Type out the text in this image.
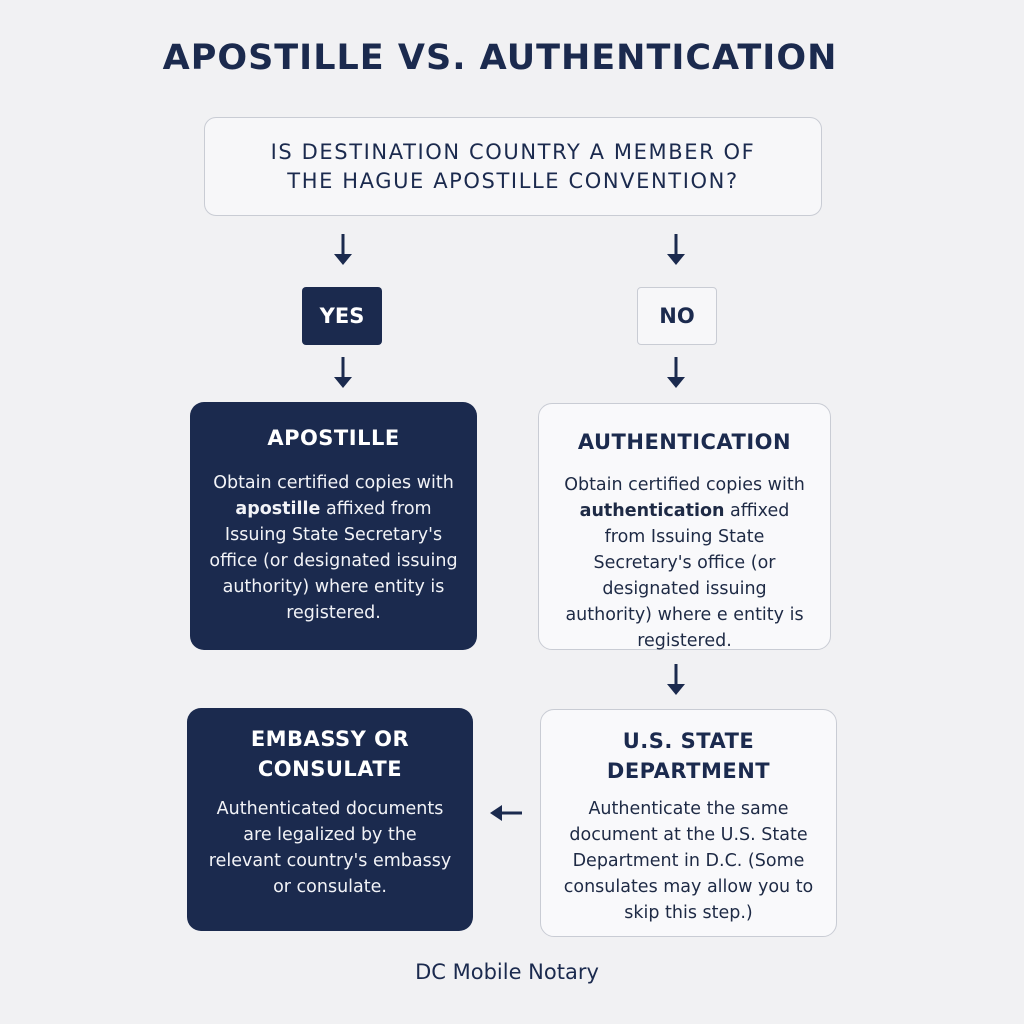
APOSTILLE VS. AUTHENTICATION
IS DESTINATION COUNTRY A MEMBER OF
THE HAGUE APOSTILLE CONVENTION?
YES	NO
APOSTILLE
Obtain certified copies with apostille affixed from Issuing State Secretary's office (or designated issuing authority) where entity is registered.
AUTHENTICATION
Obtain certified copies with authentication affixed from Issuing State Secretary's office (or designated issuing authority) where e entity is registered.
EMBASSY OR
CONSULATE
Authenticated documents are legalized by the relevant country's embassy or consulate.
U.S. STATE
DEPARTMENT
Authenticate the same document at the U.S. State Department in D.C. (Some consulates may allow you to skip this step.)
DC Mobile Notary
